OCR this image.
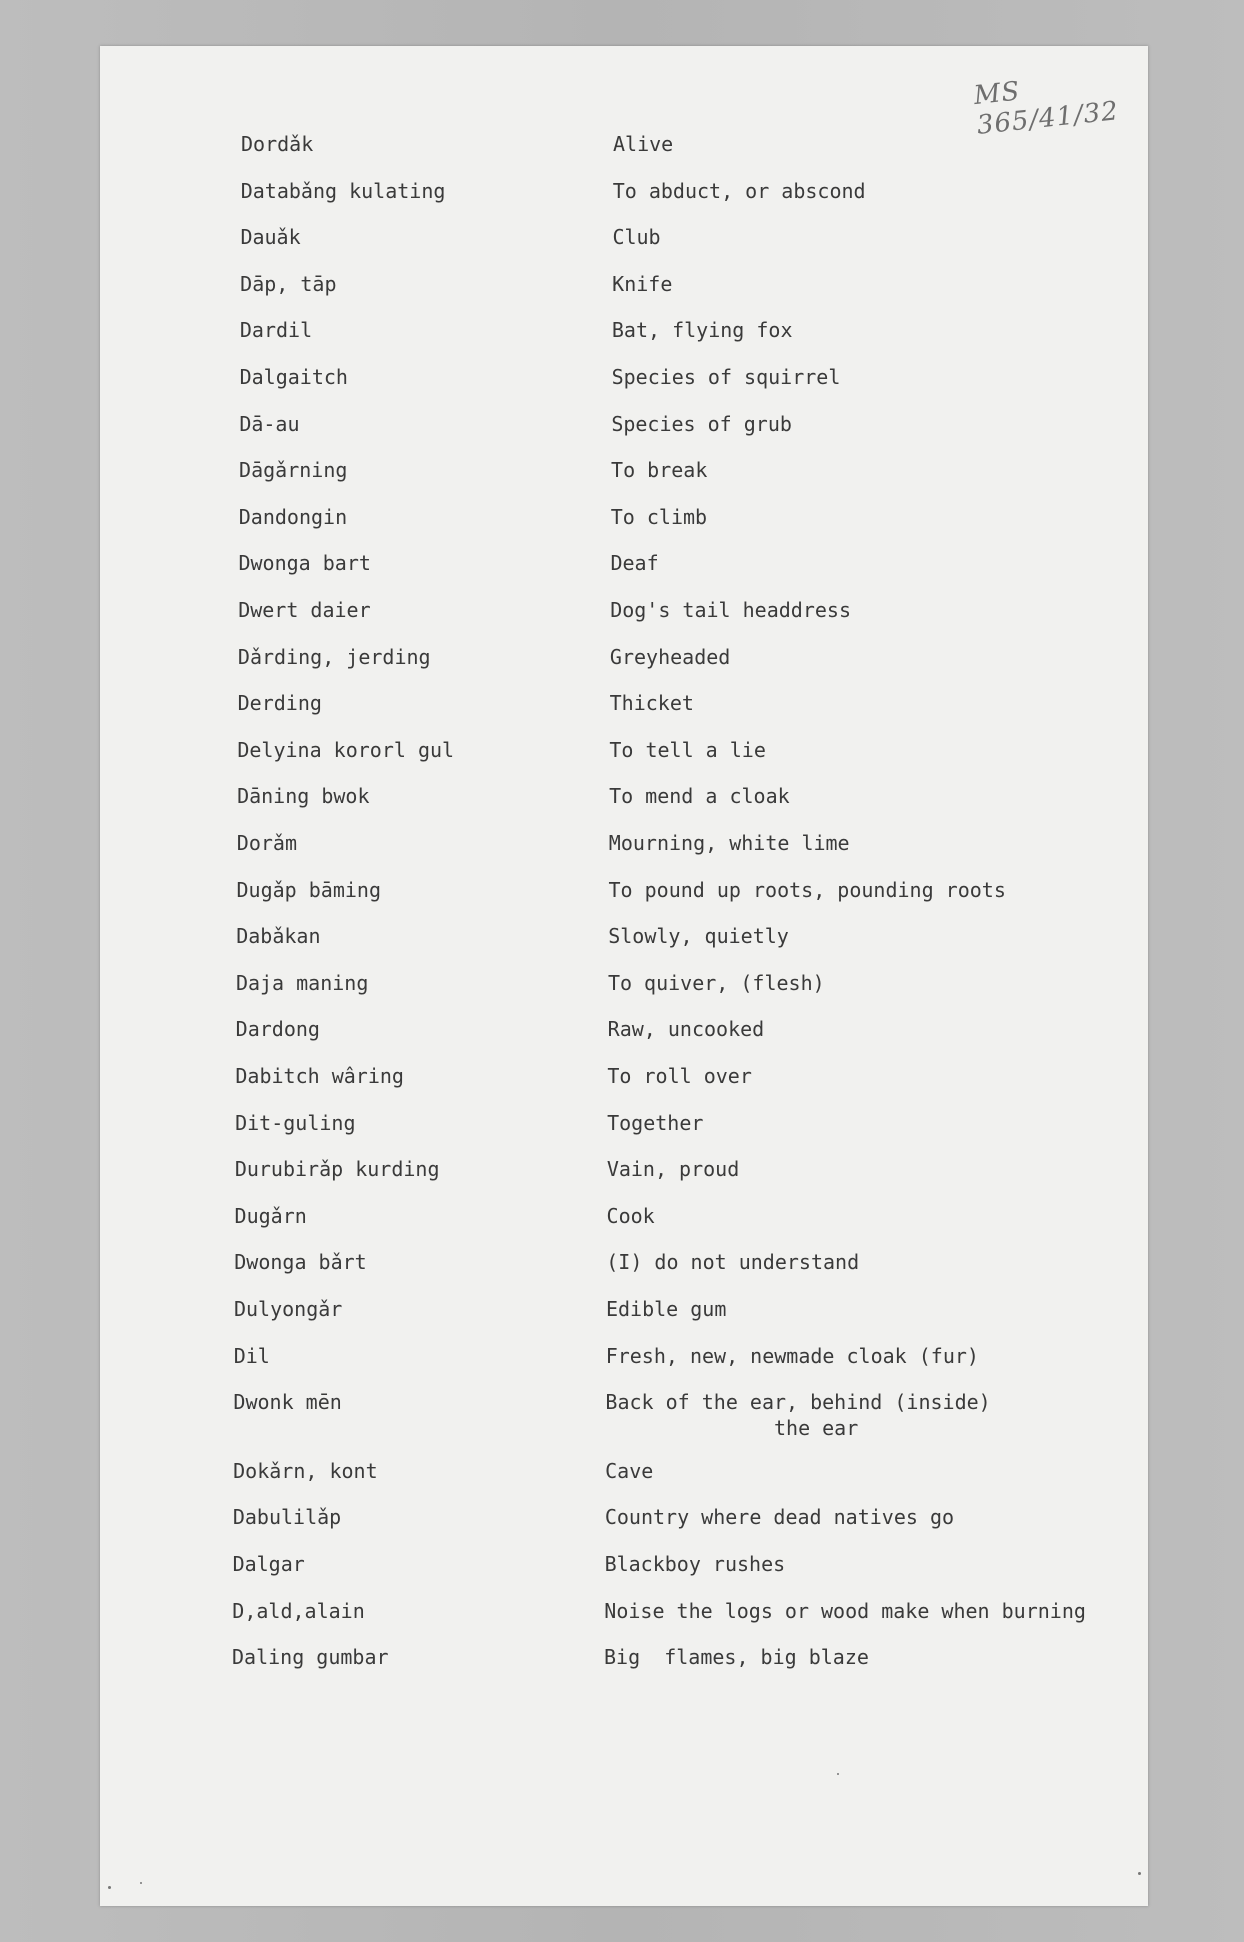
MS 365/41/32
Dordǎk	Alive
Databǎng kulating	To abduct, or abscond
Dauǎk	Club
Dāp, tāp	Knife
Dardil	Bat, flying fox
Dalgaitch	Species of squirrel
Dā-au	Species of grub
Dāgǎrning	To break
Dandongin	To climb
Dwonga bart	Deaf
Dwert daier	Dog's tail headdress
Dǎrding, jerding	Greyheaded
Derding	Thicket
Delyina kororl gul	To tell a lie
Dāning bwok	To mend a cloak
Dorǎm	Mourning, white lime
Dugǎp bāming	To pound up roots, pounding roots
Dabǎkan	Slowly, quietly
Daja maning	To quiver, (flesh)
Dardong	Raw, uncooked
Dabitch wâring	To roll over
Dit-guling	Together
Durubirǎp kurding	Vain, proud
Dugǎrn	Cook
Dwonga bǎrt	(I) do not understand
Dulyongǎr	Edible gum
Dil	Fresh, new, newmade cloak (fur)
Dwonk mēn	Back of the ear, behind (inside)
the ear
Dokǎrn, kont	Cave
Dabulilǎp	Country where dead natives go
Dalgar	Blackboy rushes
D,ald,alain	Noise the logs or wood make when burning
Daling gumbar	Big  flames, big blaze
